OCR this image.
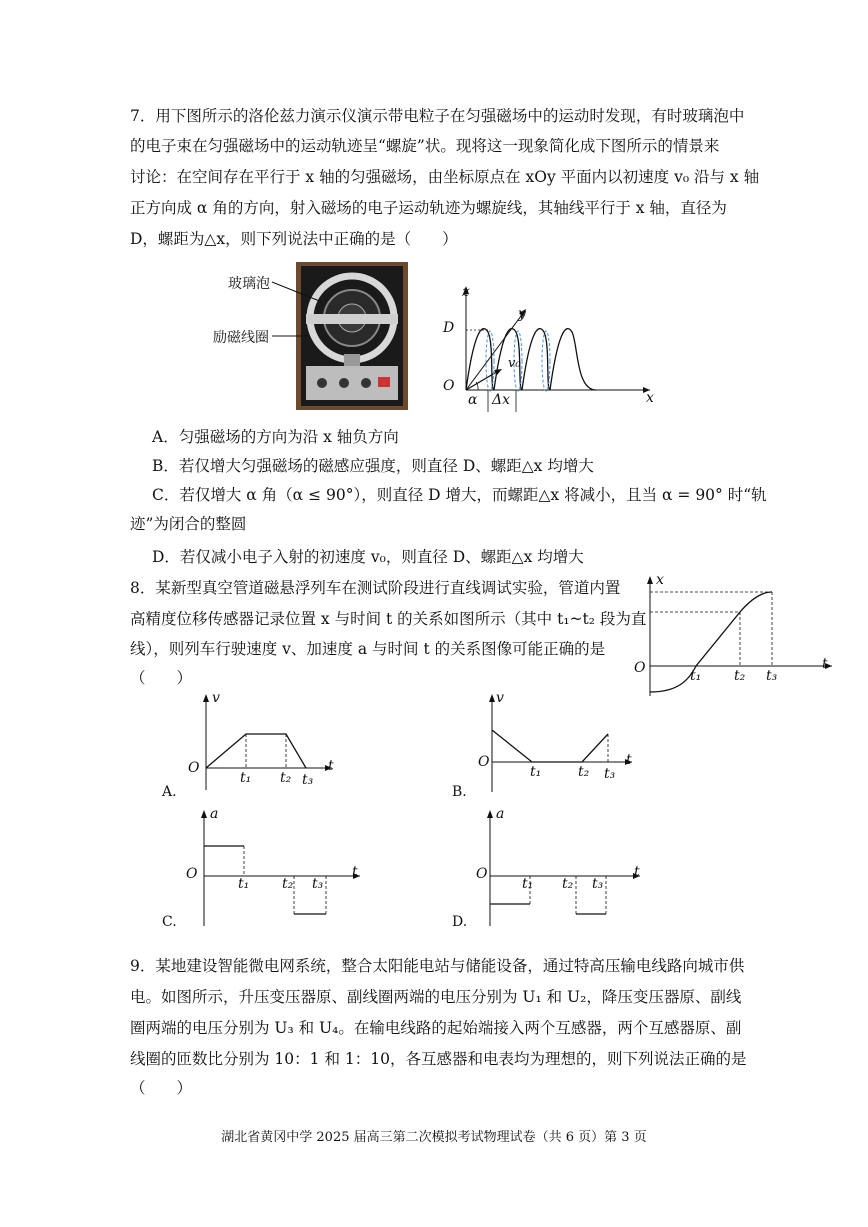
7．用下图所示的洛伦兹力演示仪演示带电粒子在匀强磁场中的运动时发现，有时玻璃泡中
的电子束在匀强磁场中的运动轨迹呈“螺旋”状。现将这一现象简化成下图所示的情景来
讨论：在空间存在平行于 x 轴的匀强磁场，由坐标原点在 xOy 平面内以初速度 v₀ 沿与 x 轴
正方向成 α 角的方向，射入磁场的电子运动轨迹为螺旋线，其轴线平行于 x 轴，直径为
D，螺距为△x，则下列说法中正确的是（　　）
玻璃泡
励磁线圈
z
y
x
D
O
v₀
α Δx
A．匀强磁场的方向为沿 x 轴负方向
B．若仅增大匀强磁场的磁感应强度，则直径 D、螺距△x 均增大
C．若仅增大 α 角（α ≤ 90°），则直径 D 增大，而螺距△x 将减小，且当 α = 90° 时“轨
迹”为闭合的整圆
D．若仅减小电子入射的初速度 v₀，则直径 D、螺距△x 均增大
8．某新型真空管道磁悬浮列车在测试阶段进行直线调试实验，管道内置
高精度位移传感器记录位置 x 与时间 t 的关系如图所示（其中 t₁~t₂ 段为直
线），则列车行驶速度 v、加速度 a 与时间 t 的关系图像可能正确的是
（　　）
x
t
O	t₁ t₂ t₃
v
O	t
t₁ t₂ t₃
A.
v
O	t
t₁	t₂ t₃
B.
a
O	t
t₁ t₂ t₃
C.
a
O	t
t₁ t₂ t₃
D.
9．某地建设智能微电网系统，整合太阳能电站与储能设备，通过特高压输电线路向城市供
电。如图所示，升压变压器原、副线圈两端的电压分别为 U₁ 和 U₂，降压变压器原、副线
圈两端的电压分别为 U₃ 和 U₄。在输电线路的起始端接入两个互感器，两个互感器原、副
线圈的匝数比分别为 10：1 和 1：10，各互感器和电表均为理想的，则下列说法正确的是
（　　）
湖北省黄冈中学 2025 届高三第二次模拟考试物理试卷（共 6 页）第 3 页
